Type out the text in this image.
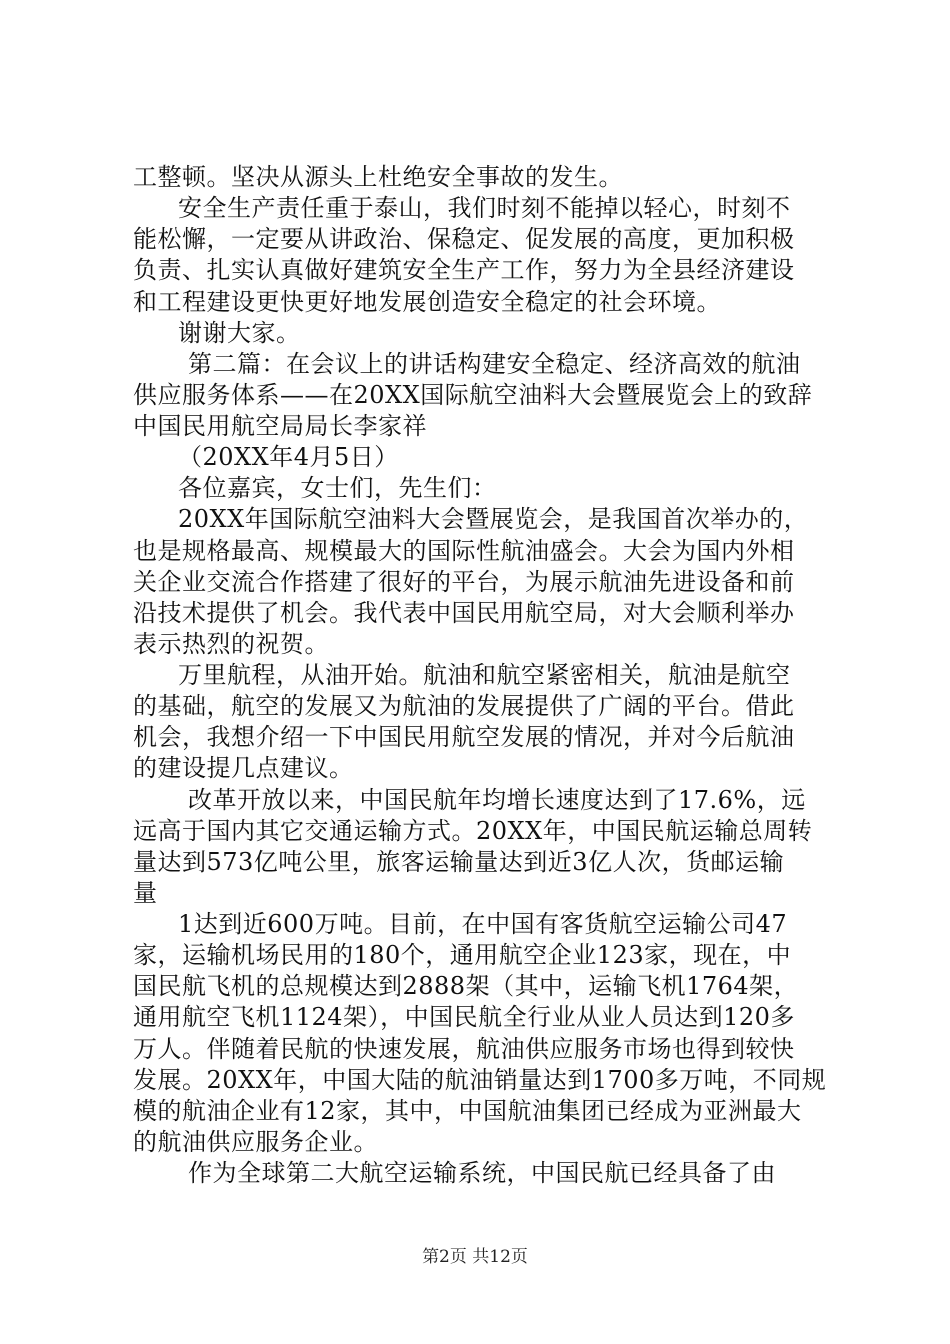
工整顿。坚决从源头上杜绝安全事故的发生。
安全生产责任重于泰山，我们时刻不能掉以轻心，时刻不
能松懈，一定要从讲政治、保稳定、促发展的高度，更加积极
负责、扎实认真做好建筑安全生产工作，努力为全县经济建设
和工程建设更快更好地发展创造安全稳定的社会环境。
谢谢大家。
第二篇：在会议上的讲话构建安全稳定、经济高效的航油
供应服务体系——在20XX国际航空油料大会暨展览会上的致辞
中国民用航空局局长李家祥
（20XX年4月5日）
各位嘉宾，女士们，先生们：
20XX年国际航空油料大会暨展览会，是我国首次举办的，
也是规格最高、规模最大的国际性航油盛会。大会为国内外相
关企业交流合作搭建了很好的平台，为展示航油先进设备和前
沿技术提供了机会。我代表中国民用航空局，对大会顺利举办
表示热烈的祝贺。
万里航程，从油开始。航油和航空紧密相关，航油是航空
的基础，航空的发展又为航油的发展提供了广阔的平台。借此
机会，我想介绍一下中国民用航空发展的情况，并对今后航油
的建设提几点建议。
改革开放以来，中国民航年均增长速度达到了17.6%，远
远高于国内其它交通运输方式。20XX年，中国民航运输总周转
量达到573亿吨公里，旅客运输量达到近3亿人次，货邮运输
量
1达到近600万吨。目前，在中国有客货航空运输公司47
家，运输机场民用的180个，通用航空企业123家，现在，中
国民航飞机的总规模达到2888架（其中，运输飞机1764架，
通用航空飞机1124架），中国民航全行业从业人员达到120多
万人。伴随着民航的快速发展，航油供应服务市场也得到较快
发展。20XX年，中国大陆的航油销量达到1700多万吨，不同规
模的航油企业有12家，其中，中国航油集团已经成为亚洲最大
的航油供应服务企业。
作为全球第二大航空运输系统，中国民航已经具备了由
第2页 共12页
